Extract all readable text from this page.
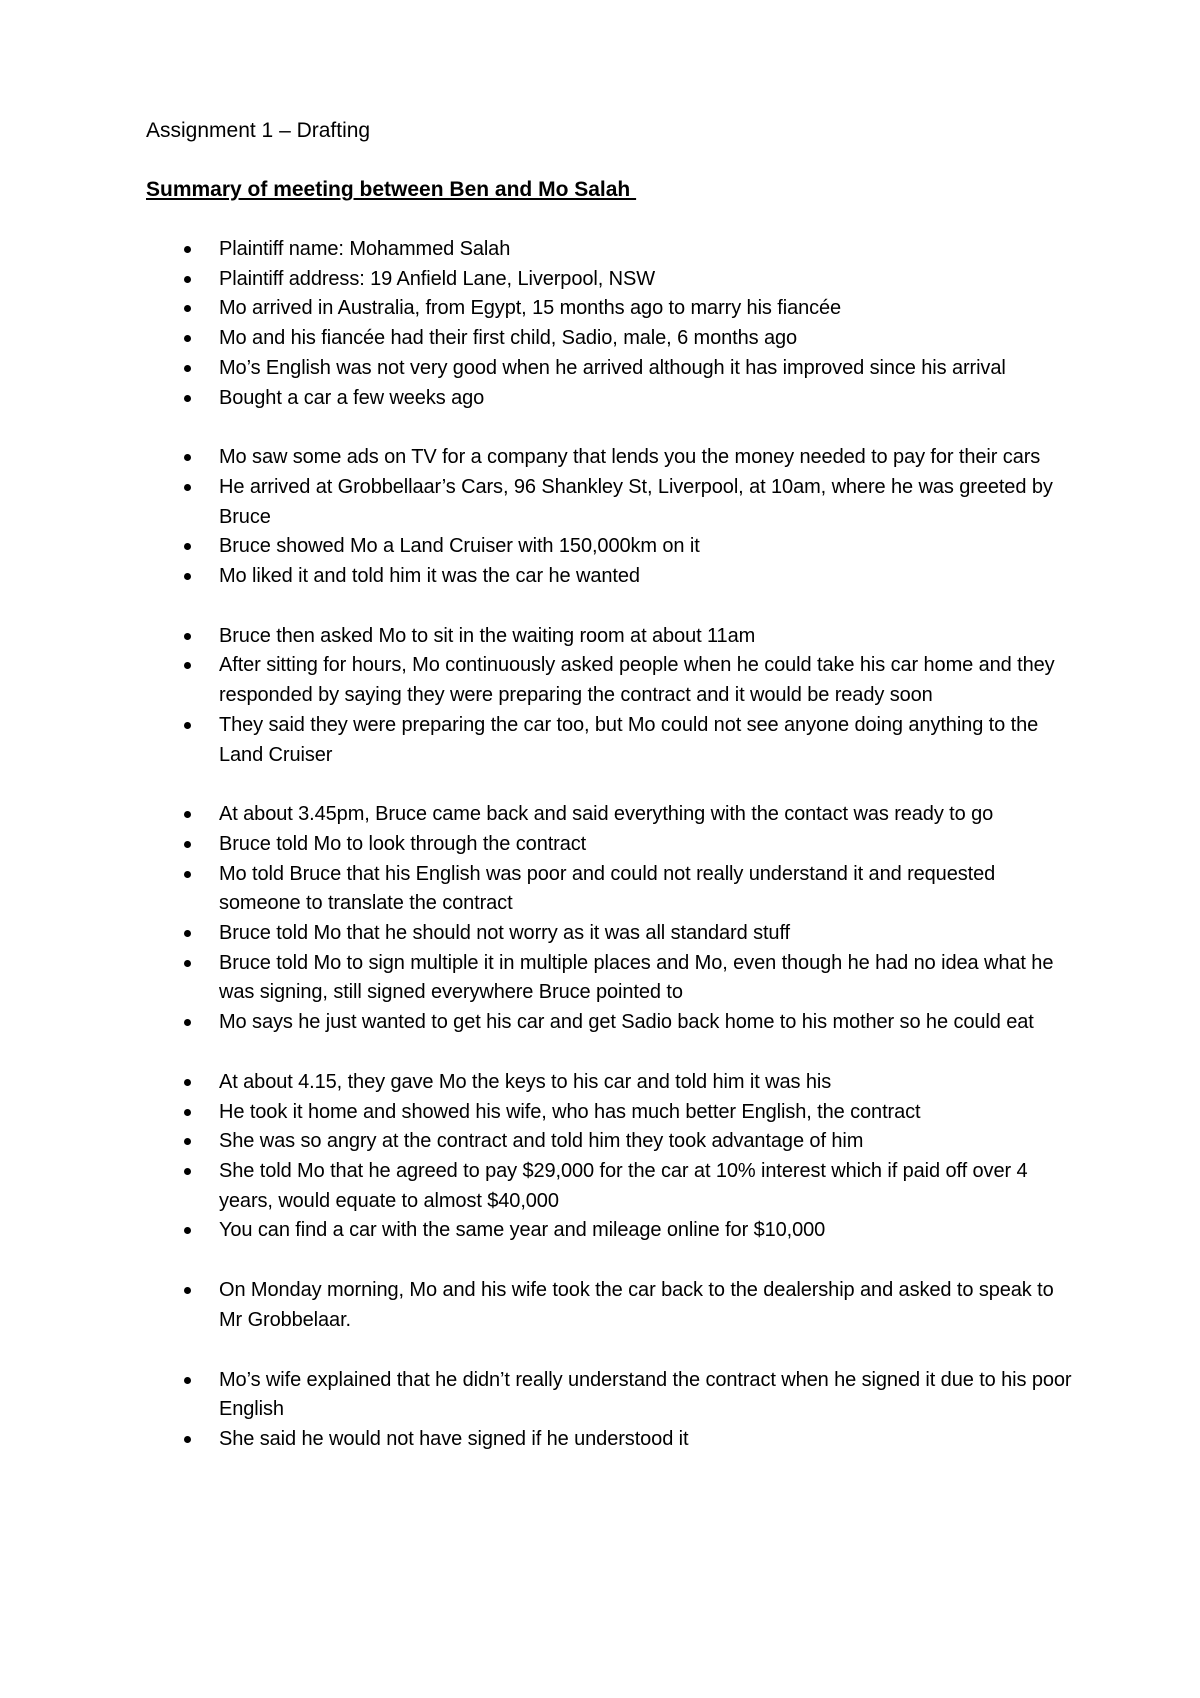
Assignment 1 – Drafting
Summary of meeting between Ben and Mo Salah
Plaintiff name: Mohammed Salah
Plaintiff address: 19 Anfield Lane, Liverpool, NSW
Mo arrived in Australia, from Egypt, 15 months ago to marry his fiancée
Mo and his fiancée had their first child, Sadio, male, 6 months ago
Mo’s English was not very good when he arrived although it has improved since his arrival
Bought a car a few weeks ago
Mo saw some ads on TV for a company that lends you the money needed to pay for their cars
He arrived at Grobbellaar’s Cars, 96 Shankley St, Liverpool, at 10am, where he was greeted by Bruce
Bruce showed Mo a Land Cruiser with 150,000km on it
Mo liked it and told him it was the car he wanted
Bruce then asked Mo to sit in the waiting room at about 11am
After sitting for hours, Mo continuously asked people when he could take his car home and they responded by saying they were preparing the contract and it would be ready soon
They said they were preparing the car too, but Mo could not see anyone doing anything to the Land Cruiser
At about 3.45pm, Bruce came back and said everything with the contact was ready to go
Bruce told Mo to look through the contract
Mo told Bruce that his English was poor and could not really understand it and requested someone to translate the contract
Bruce told Mo that he should not worry as it was all standard stuff
Bruce told Mo to sign multiple it in multiple places and Mo, even though he had no idea what he was signing, still signed everywhere Bruce pointed to
Mo says he just wanted to get his car and get Sadio back home to his mother so he could eat
At about 4.15, they gave Mo the keys to his car and told him it was his
He took it home and showed his wife, who has much better English, the contract
She was so angry at the contract and told him they took advantage of him
She told Mo that he agreed to pay $29,000 for the car at 10% interest which if paid off over 4 years, would equate to almost $40,000
You can find a car with the same year and mileage online for $10,000
On Monday morning, Mo and his wife took the car back to the dealership and asked to speak to Mr Grobbelaar.
Mo’s wife explained that he didn’t really understand the contract when he signed it due to his poor English
She said he would not have signed if he understood it
